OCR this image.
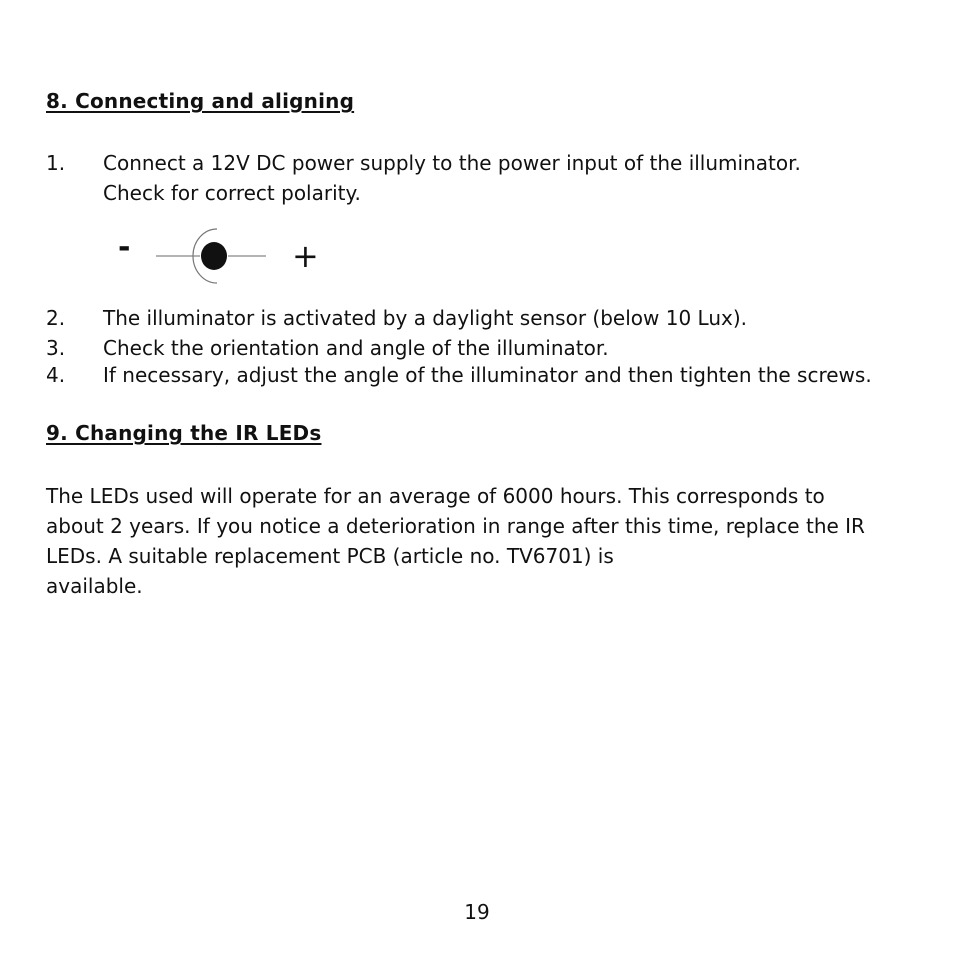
8. Connecting and aligning
1. Connect a 12V DC power supply to the power input of the illuminator.
Check for correct polarity.
2. The illuminator is activated by a daylight sensor (below 10 Lux).
3. Check the orientation and angle of the illuminator.
4. If necessary, adjust the angle of the illuminator and then tighten the screws.
-	+
9. Changing the IR LEDs
The LEDs used will operate for an average of 6000 hours. This corresponds to
about 2 years. If you notice a deterioration in range after this time, replace the IR
LEDs. A suitable replacement PCB (article no. TV6701) is
available.
19
